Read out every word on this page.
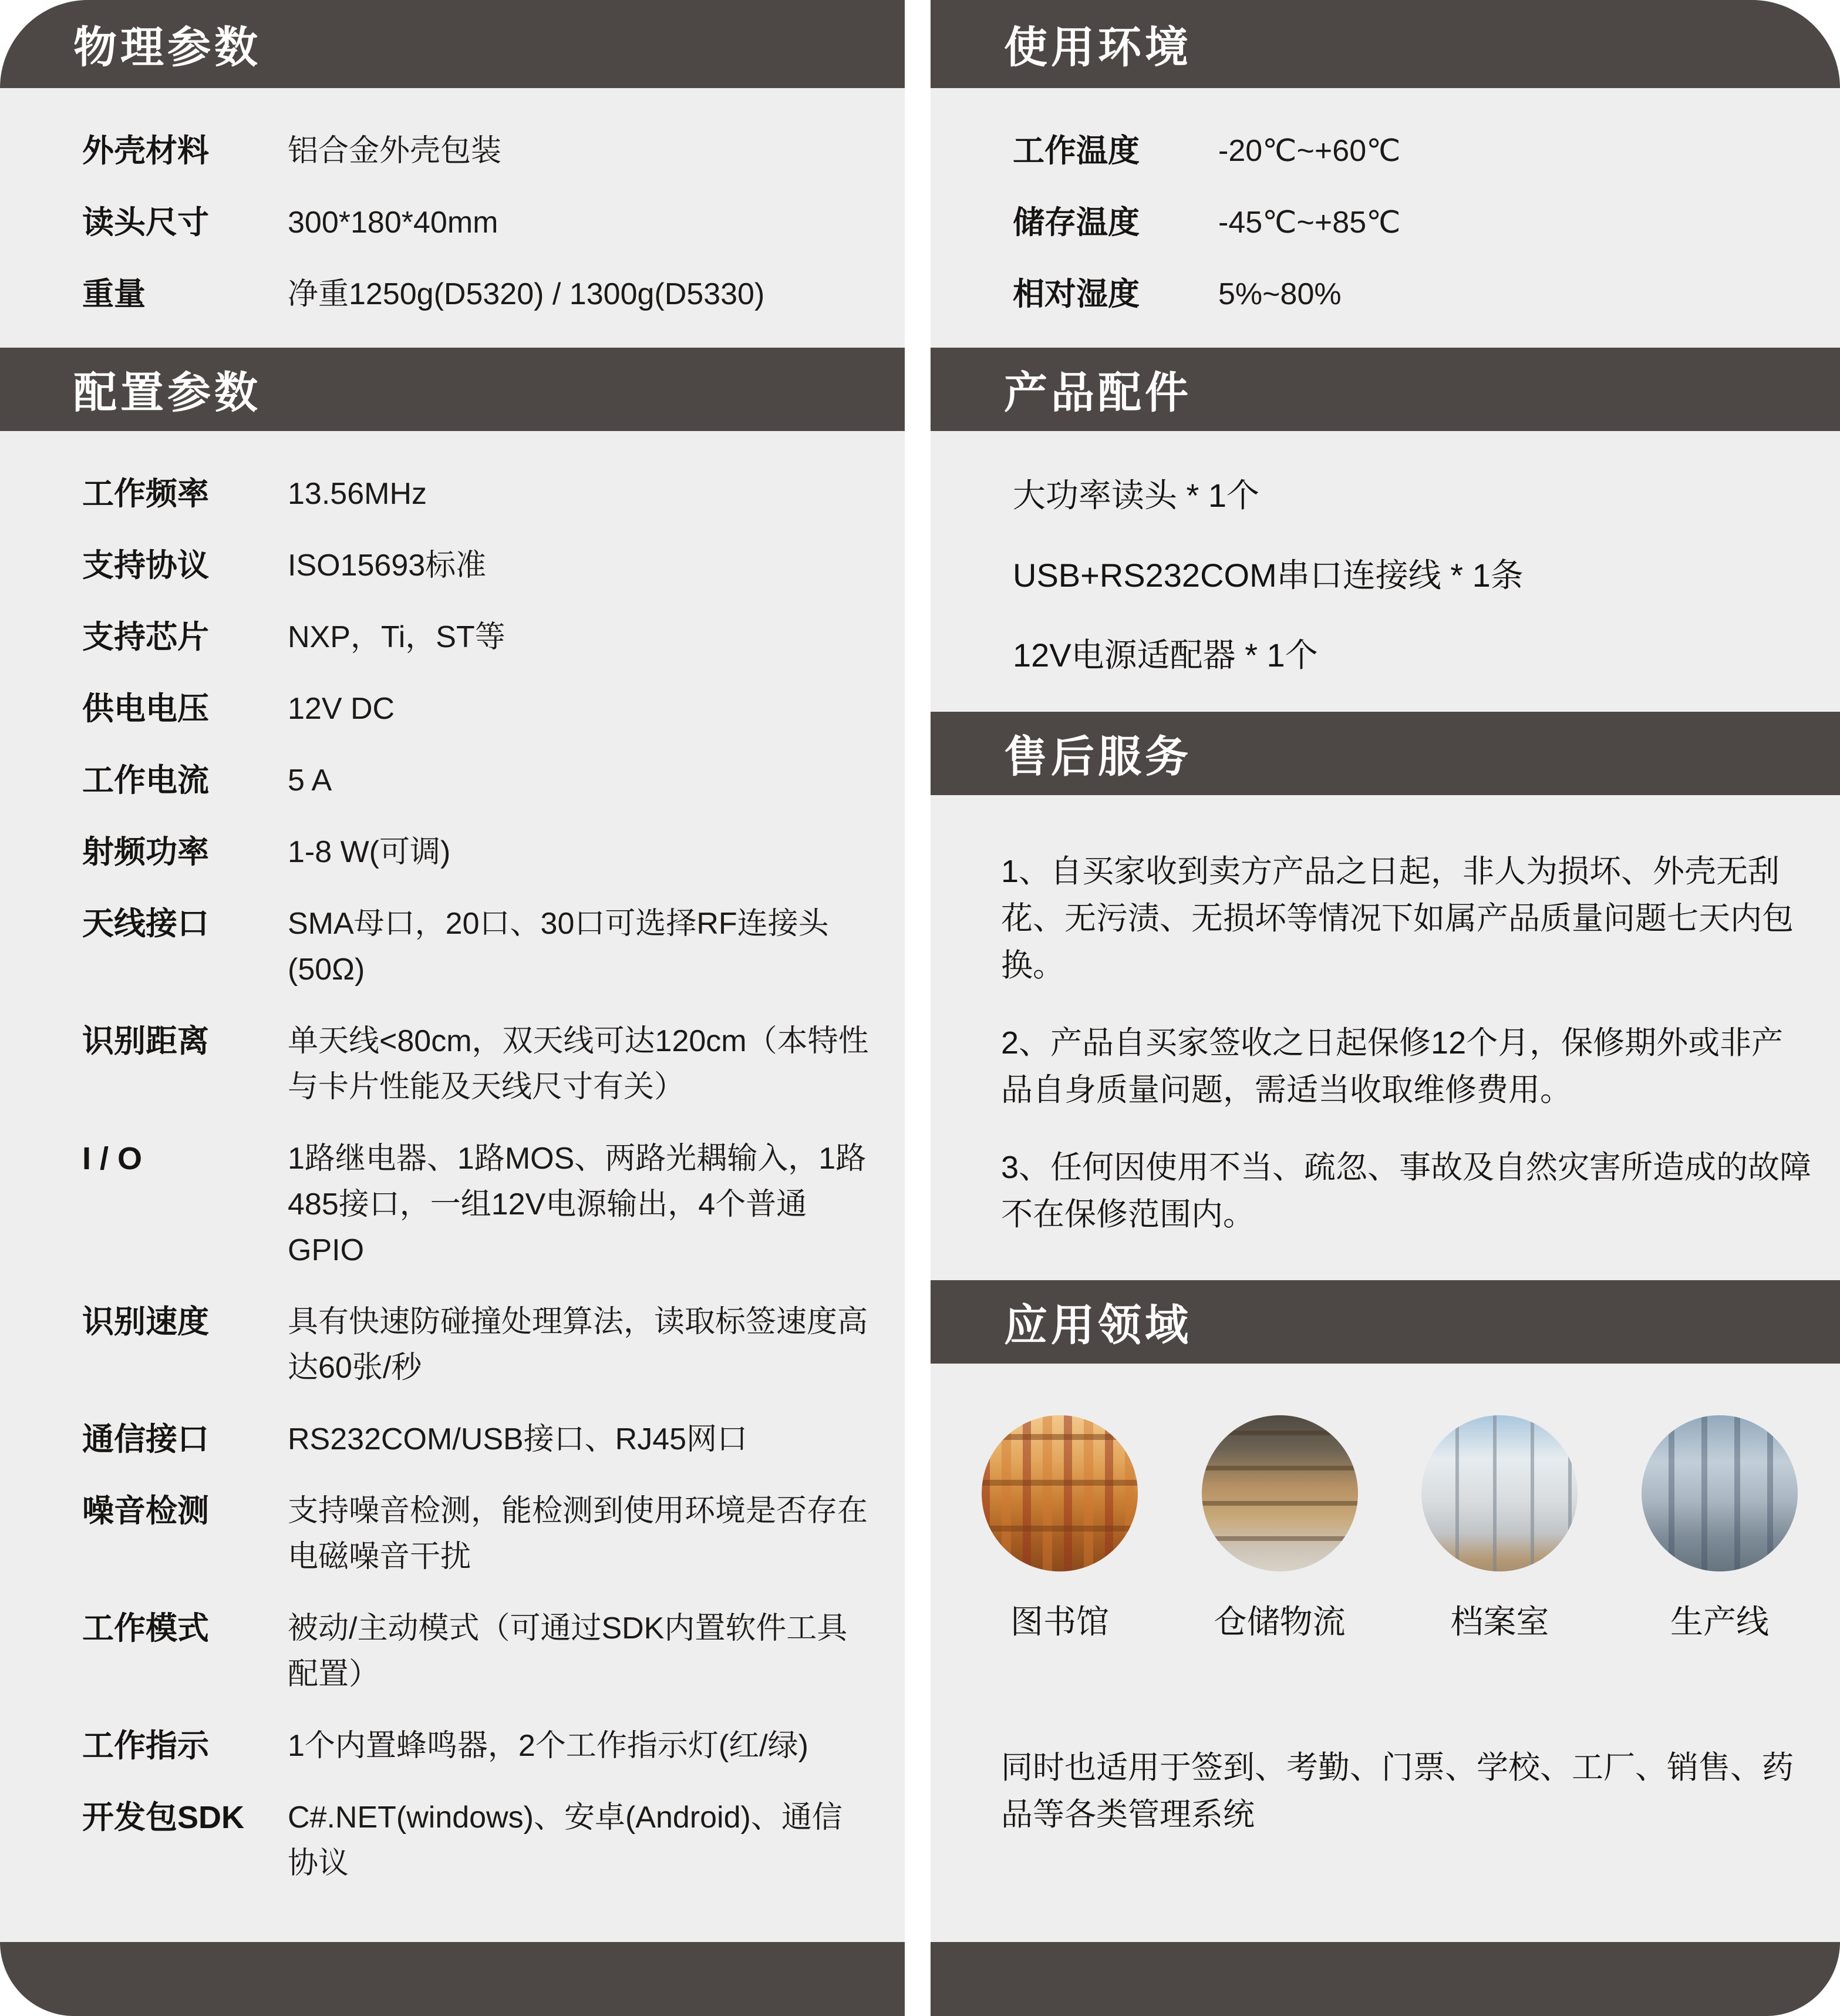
物理参数
外壳材料	铝合金外壳包装
读头尺寸	300*180*40mm
重量	净重1250g(D5320) / 1300g(D5330)
配置参数
工作频率	13.56MHz
支持协议	ISO15693标准
支持芯片	NXP，Ti，ST等
供电电压	12V DC
工作电流	5 A
射频功率	1-8 W(可调)
天线接口	SMA母口，20口、30口可选择RF连接头(50Ω)
识别距离	单天线<80cm，双天线可达120cm（本特性与卡片性能及天线尺寸有关）
I / O	1路继电器、1路MOS、两路光耦输入，1路485接口，一组12V电源输出，4个普通GPIO
识别速度	具有快速防碰撞处理算法，读取标签速度高达60张/秒
通信接口	RS232COM/USB接口、RJ45网口
噪音检测	支持噪音检测，能检测到使用环境是否存在电磁噪音干扰
工作模式	被动/主动模式（可通过SDK内置软件工具配置）
工作指示	1个内置蜂鸣器，2个工作指示灯(红/绿)
开发包SDK	C#.NET(windows)、安卓(Android)、通信协议
使用环境
工作温度	-20℃~+60℃
储存温度	-45℃~+85℃
相对湿度	5%~80%
产品配件
大功率读头 * 1个
USB+RS232COM串口连接线 * 1条
12V电源适配器 * 1个
售后服务

1、自买家收到卖方产品之日起，非人为损坏、外壳无刮花、无污渍、无损坏等情况下如属产品质量问题七天内包换。

2、产品自买家签收之日起保修12个月，保修期外或非产品自身质量问题，需适当收取维修费用。

3、任何因使用不当、疏忽、事故及自然灾害所造成的故障不在保修范围内。

应用领域
图书馆	仓储物流	档案室	生产线
同时也适用于签到、考勤、门票、学校、工厂、销售、药品等各类管理系统
